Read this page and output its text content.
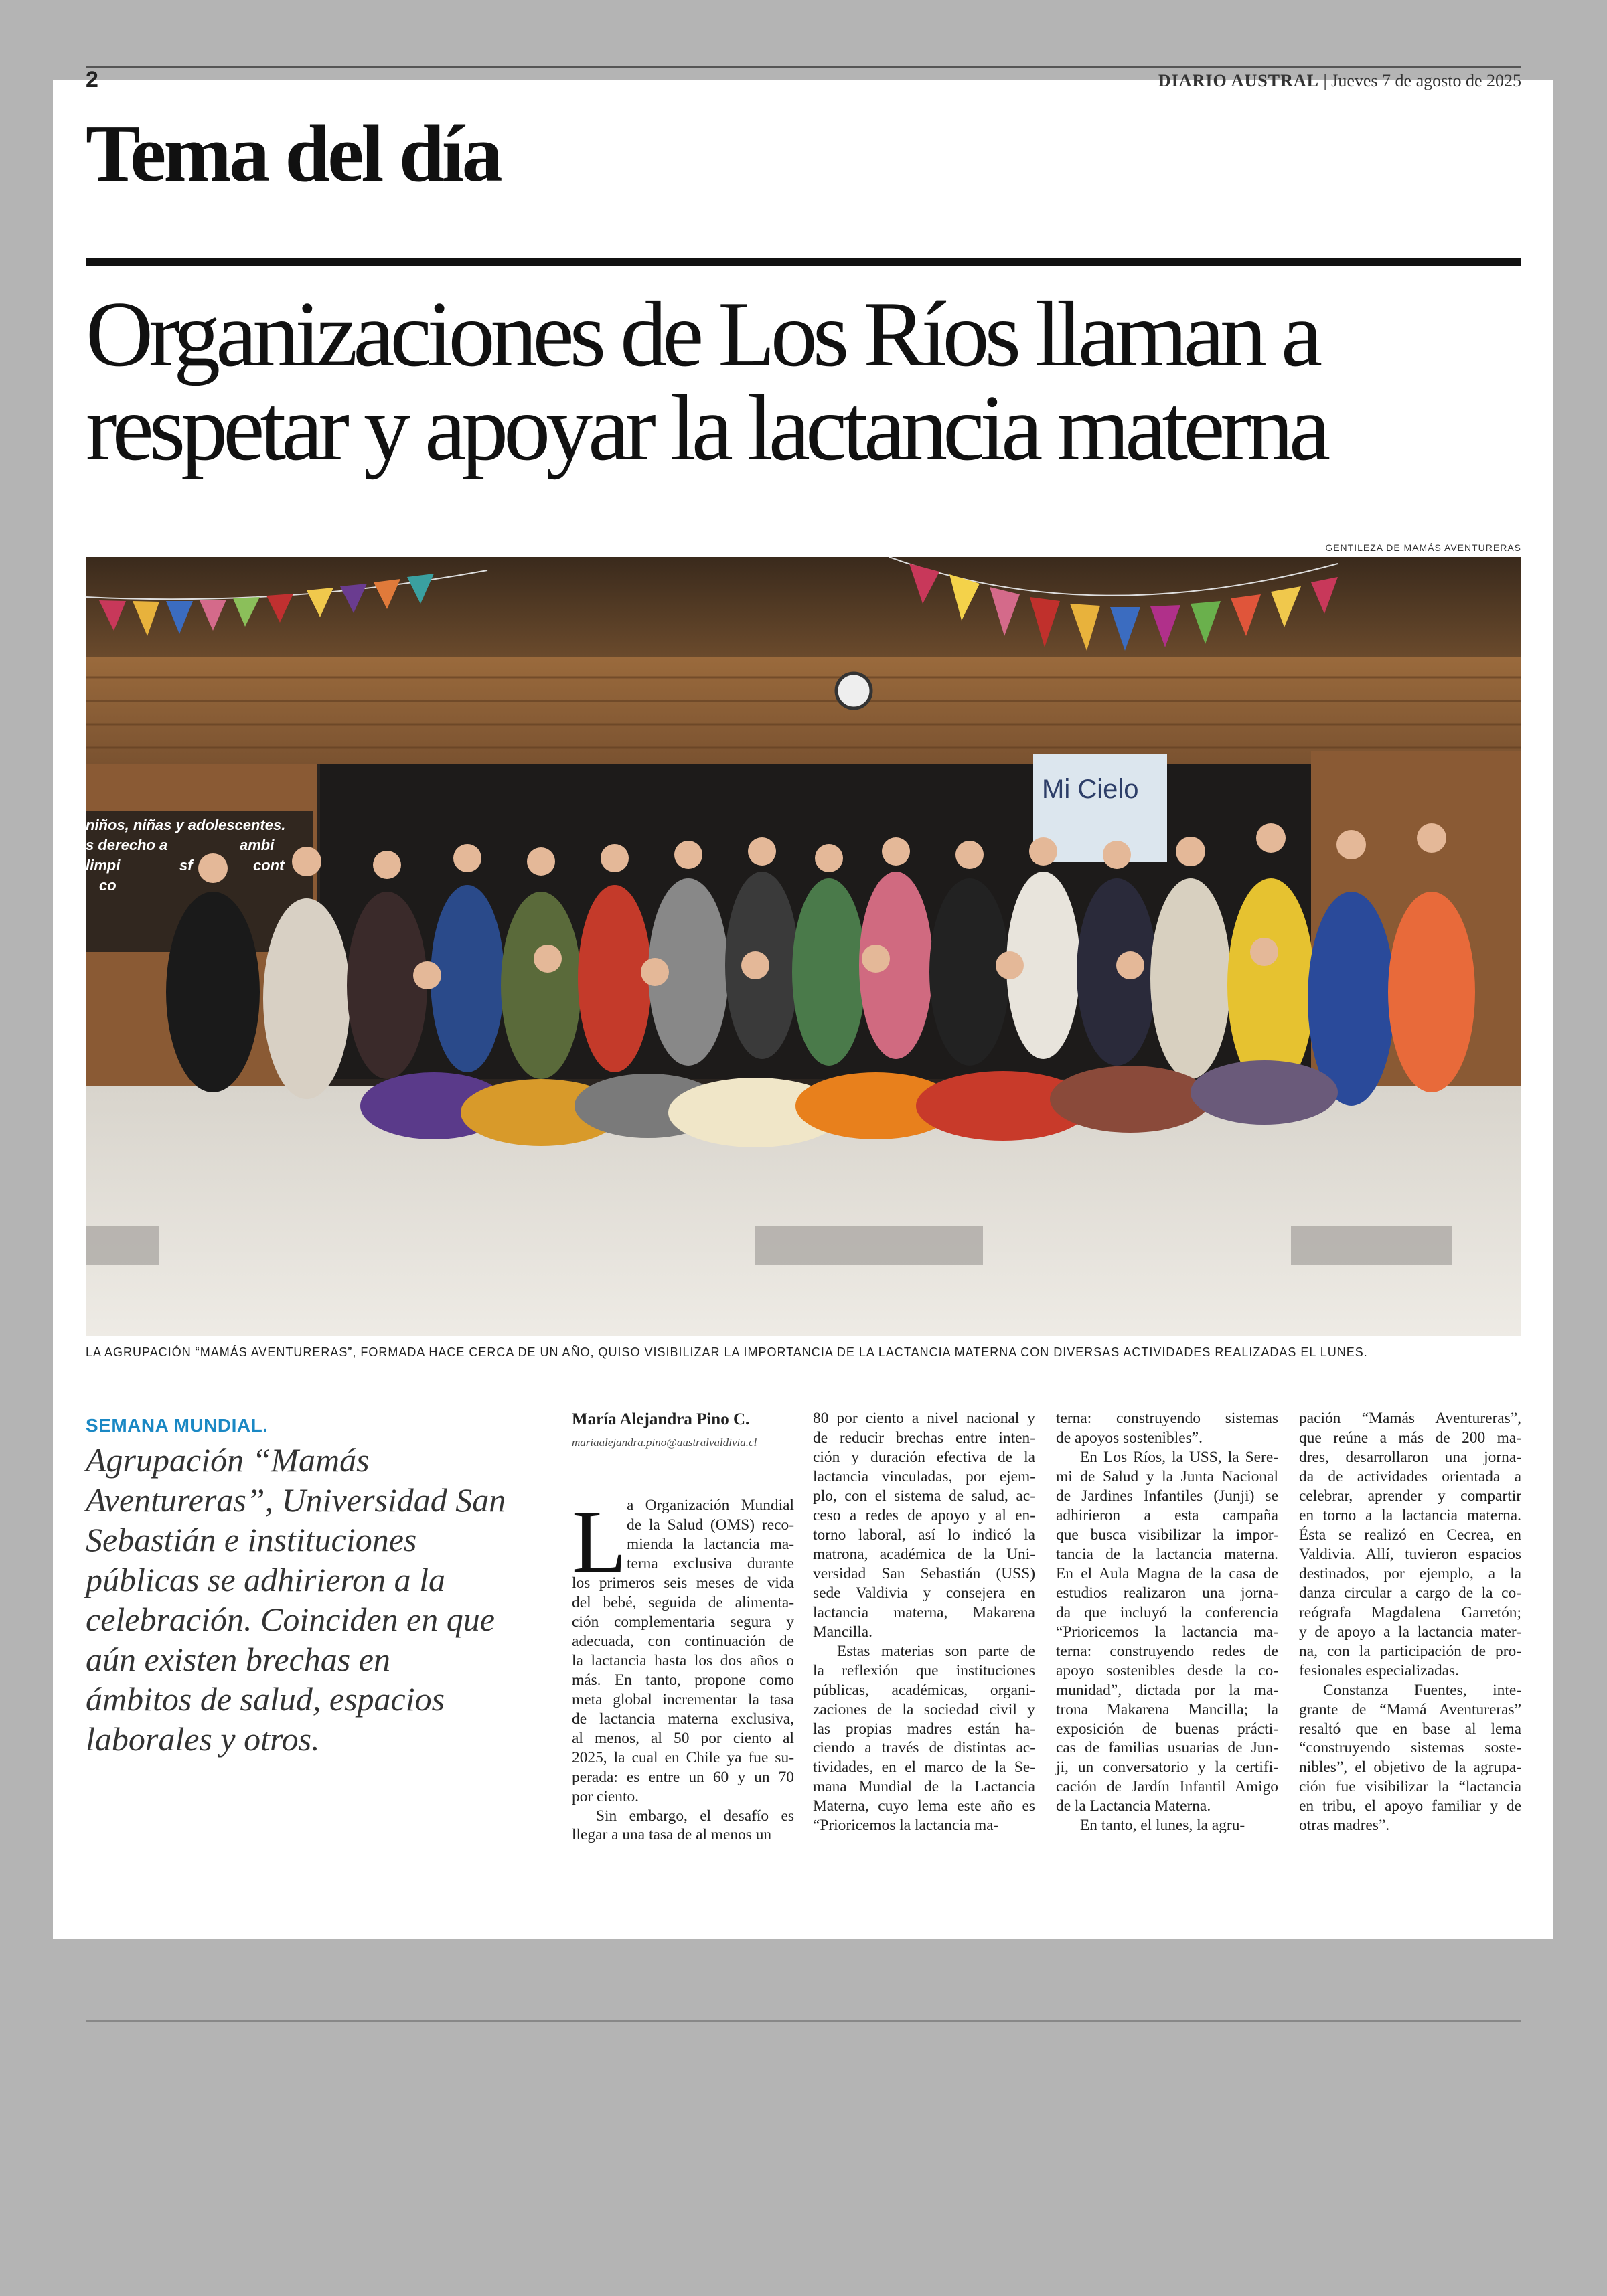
2	DIARIO AUSTRAL | Jueves 7 de agosto de 2025
Tema del día
Organizaciones de Los Ríos llaman a
respetar y apoyar la lactancia materna
GENTILEZA DE MAMÁS AVENTURERAS
niños, niñas y adolescentes.
s derecho a	ambi
limpi	sf	cont
co
Mi Cielo
LA AGRUPACIÓN “MAMÁS AVENTURERAS”, FORMADA HACE CERCA DE UN AÑO, QUISO VISIBILIZAR LA IMPORTANCIA DE LA LACTANCIA MATERNA CON DIVERSAS ACTIVIDADES REALIZADAS EL LUNES.
SEMANA MUNDIAL.

Agrupación “Mamás
Aventureras”, Universidad San
Sebastián e instituciones
públicas se adhirieron a la
celebración. Coinciden en que
aún existen brechas en
ámbitos de salud, espacios
laborales y otros.

María Alejandra Pino C.
mariaalejandra.pino@australvaldivia.cl
L a Organización Mundial
de la Salud (OMS) reco-
mienda la lactancia ma-
terna exclusiva durante
los primeros seis meses de vida
del bebé, seguida de alimenta-
ción complementaria segura y
adecuada, con continuación de
la lactancia hasta los dos años o
más. En tanto, propone como
meta global incrementar la tasa
de lactancia materna exclusiva,
al menos, al 50 por ciento al
2025, la cual en Chile ya fue su-
perada: es entre un 60 y un 70
por ciento.
Sin embargo, el desafío es
llegar a una tasa de al menos un
80 por ciento a nivel nacional y
de reducir brechas entre inten-
ción y duración efectiva de la
lactancia vinculadas, por ejem-
plo, con el sistema de salud, ac-
ceso a redes de apoyo y al en-
torno laboral, así lo indicó la
matrona, académica de la Uni-
versidad San Sebastián (USS)
sede Valdivia y consejera en
lactancia materna, Makarena
Mancilla.
Estas materias son parte de
la reflexión que instituciones
públicas, académicas, organi-
zaciones de la sociedad civil y
las propias madres están ha-
ciendo a través de distintas ac-
tividades, en el marco de la Se-
mana Mundial de la Lactancia
Materna, cuyo lema este año es
“Prioricemos la lactancia ma-
terna: construyendo sistemas
de apoyos sostenibles”.
En Los Ríos, la USS, la Sere-
mi de Salud y la Junta Nacional
de Jardines Infantiles (Junji) se
adhirieron a esta campaña
que busca visibilizar la impor-
tancia de la lactancia materna.
En el Aula Magna de la casa de
estudios realizaron una jorna-
da que incluyó la conferencia
“Prioricemos la lactancia ma-
terna: construyendo redes de
apoyo sostenibles desde la co-
munidad”, dictada por la ma-
trona Makarena Mancilla; la
exposición de buenas prácti-
cas de familias usuarias de Jun-
ji, un conversatorio y la certifi-
cación de Jardín Infantil Amigo
de la Lactancia Materna.
En tanto, el lunes, la agru-
pación “Mamás Aventureras”,
que reúne a más de 200 ma-
dres, desarrollaron una jorna-
da de actividades orientada a
celebrar, aprender y compartir
en torno a la lactancia materna.
Ésta se realizó en Cecrea, en
Valdivia. Allí, tuvieron espacios
destinados, por ejemplo, a la
danza circular a cargo de la co-
reógrafa Magdalena Garretón;
y de apoyo a la lactancia mater-
na, con la participación de pro-
fesionales especializadas.
Constanza Fuentes, inte-
grante de “Mamá Aventureras”
resaltó que en base al lema
“construyendo sistemas soste-
nibles”, el objetivo de la agrupa-
ción fue visibilizar la “lactancia
en tribu, el apoyo familiar y de
otras madres”.
